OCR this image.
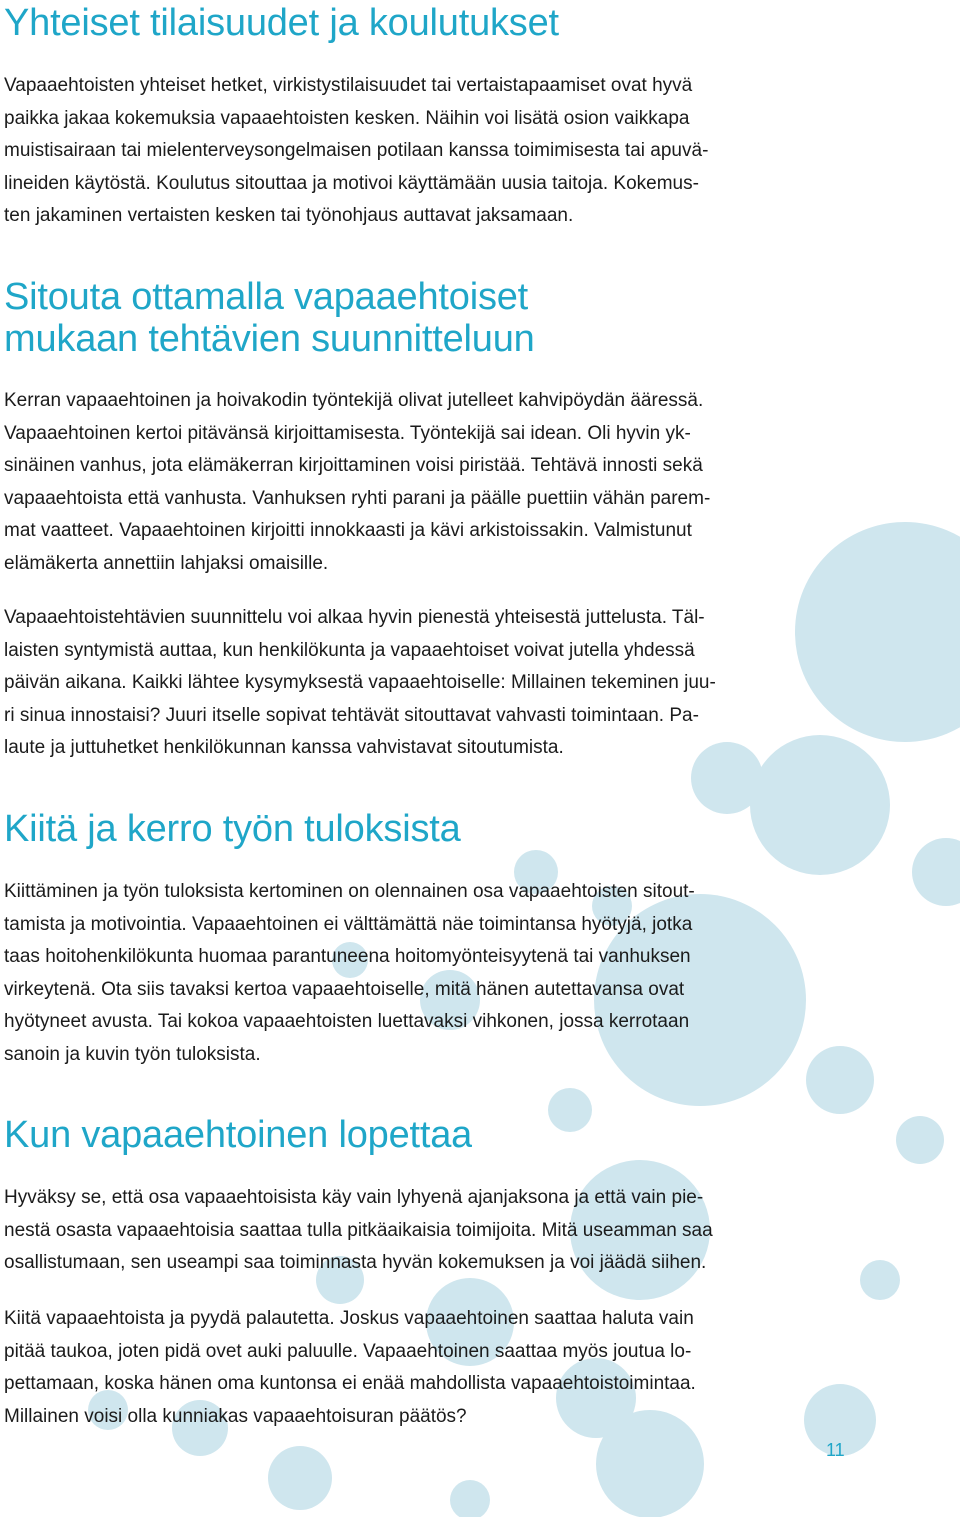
Yhteiset tilaisuudet ja koulutukset

Vapaaehtoisten yhteiset hetket, virkistystilaisuudet tai vertaistapaamiset ovat hyvä
paikka jakaa kokemuksia vapaaehtoisten kesken. Näihin voi lisätä osion vaikkapa
muistisairaan tai mielenterveysongelmaisen potilaan kanssa toimimisesta tai apuvä-
lineiden käytöstä. Koulutus sitouttaa ja motivoi käyttämään uusia taitoja. Kokemus-
ten jakaminen vertaisten kesken tai työnohjaus auttavat jaksamaan.

Sitouta ottamalla vapaaehtoiset
mukaan tehtävien suunnitteluun

Kerran vapaaehtoinen ja hoivakodin työntekijä olivat jutelleet kahvipöydän ääressä.
Vapaaehtoinen kertoi pitävänsä kirjoittamisesta. Työntekijä sai idean. Oli hyvin yk-
sinäinen vanhus, jota elämäkerran kirjoittaminen voisi piristää. Tehtävä innosti sekä
vapaaehtoista että vanhusta. Vanhuksen ryhti parani ja päälle puettiin vähän parem-
mat vaatteet. Vapaaehtoinen kirjoitti innokkaasti ja kävi arkistoissakin. Valmistunut
elämäkerta annettiin lahjaksi omaisille.

Vapaaehtoistehtävien suunnittelu voi alkaa hyvin pienestä yhteisestä juttelusta. Täl-
laisten syntymistä auttaa, kun henkilökunta ja vapaaehtoiset voivat jutella yhdessä
päivän aikana. Kaikki lähtee kysymyksestä vapaaehtoiselle: Millainen tekeminen juu-
ri sinua innostaisi? Juuri itselle sopivat tehtävät sitouttavat vahvasti toimintaan. Pa-
laute ja juttuhetket henkilökunnan kanssa vahvistavat sitoutumista.

Kiitä ja kerro työn tuloksista

Kiittäminen ja työn tuloksista kertominen on olennainen osa vapaaehtoisten sitout-
tamista ja motivointia. Vapaaehtoinen ei välttämättä näe toimintansa hyötyjä, jotka
taas hoitohenkilökunta huomaa parantuneena hoitomyönteisyytenä tai vanhuksen
virkeytenä. Ota siis tavaksi kertoa vapaaehtoiselle, mitä hänen autettavansa ovat
hyötyneet avusta. Tai kokoa vapaaehtoisten luettavaksi vihkonen, jossa kerrotaan
sanoin ja kuvin työn tuloksista.

Kun vapaaehtoinen lopettaa

Hyväksy se, että osa vapaaehtoisista käy vain lyhyenä ajanjaksona ja että vain pie-
nestä osasta vapaaehtoisia saattaa tulla pitkäaikaisia toimijoita. Mitä useamman saa
osallistumaan, sen useampi saa toiminnasta hyvän kokemuksen ja voi jäädä siihen.

Kiitä vapaaehtoista ja pyydä palautetta. Joskus vapaaehtoinen saattaa haluta vain
pitää taukoa, joten pidä ovet auki paluulle. Vapaaehtoinen saattaa myös joutua lo-
pettamaan, koska hänen oma kuntonsa ei enää mahdollista vapaaehtoistoimintaa.
Millainen voisi olla kunniakas vapaaehtoisuran päätös?

11
